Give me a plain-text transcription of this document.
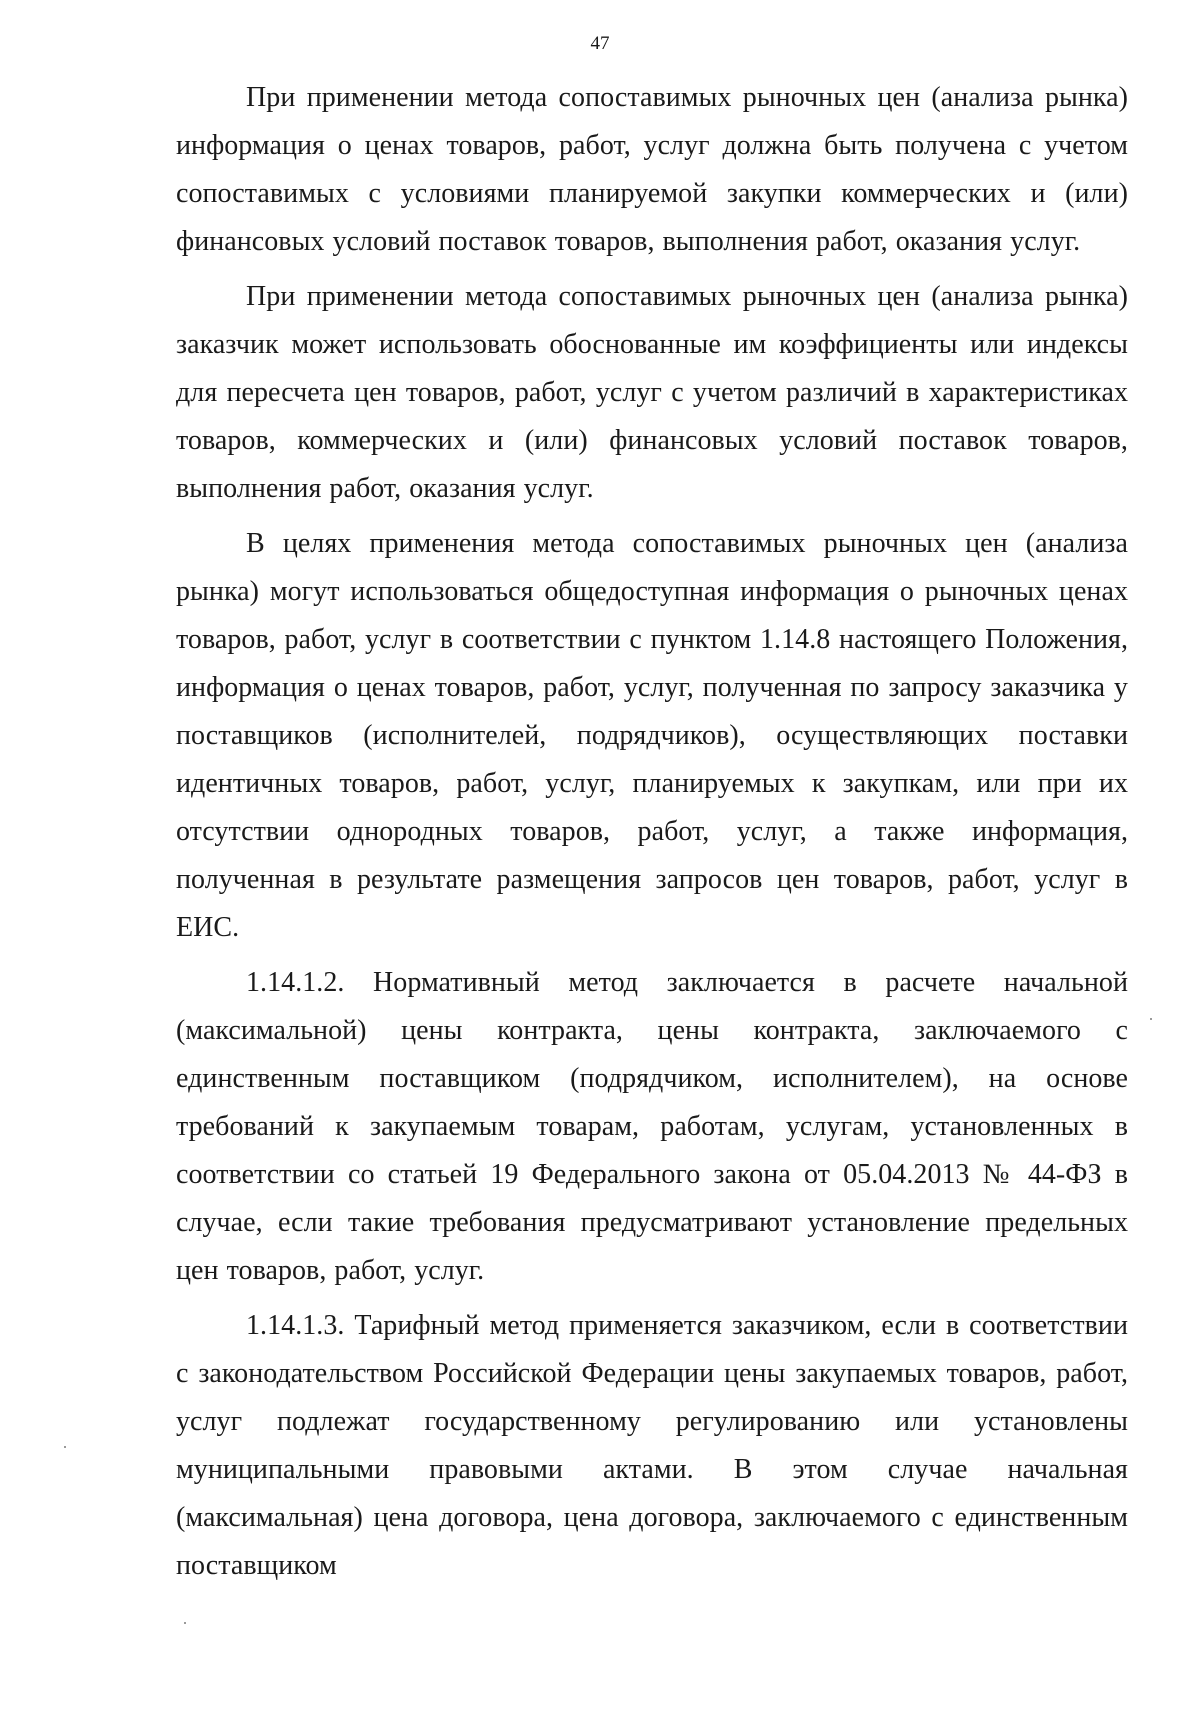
47

При применении метода сопоставимых рыночных цен (анализа рынка) информация о ценах товаров, работ, услуг должна быть получена с учетом сопоставимых с условиями планируемой закупки коммерческих и (или) финансовых условий поставок товаров, выполнения работ, оказания услуг.

При применении метода сопоставимых рыночных цен (анализа рынка) заказчик может использовать обоснованные им коэффициенты или индексы для пересчета цен товаров, работ, услуг с учетом различий в характеристиках товаров, коммерческих и (или) финансовых условий поставок товаров, выполнения работ, оказания услуг.

В целях применения метода сопоставимых рыночных цен (анализа рынка) могут использоваться общедоступная информация о рыночных ценах товаров, работ, услуг в соответствии с пунктом 1.14.8 настоящего Положения, информация о ценах товаров, работ, услуг, полученная по запросу заказчика у поставщиков (исполнителей, подрядчиков), осуществляющих поставки идентичных товаров, работ, услуг, планируемых к закупкам, или при их отсутствии однородных товаров, работ, услуг, а также информация, полученная в результате размещения запросов цен товаров, работ, услуг в ЕИС.

1.14.1.2. Нормативный метод заключается в расчете начальной (максимальной) цены контракта, цены контракта, заключаемого с единственным поставщиком (подрядчиком, исполнителем), на основе требований к закупаемым товарам, работам, услугам, установленных в соответствии со статьей 19 Федерального закона от 05.04.2013 № 44-ФЗ в случае, если такие требования предусматривают установление предельных цен товаров, работ, услуг.

1.14.1.3. Тарифный метод применяется заказчиком, если в соответствии с законодательством Российской Федерации цены закупаемых товаров, работ, услуг подлежат государственному регулированию или установлены муниципальными правовыми актами. В этом случае начальная (максимальная) цена договора, цена договора, заключаемого с единственным поставщиком
